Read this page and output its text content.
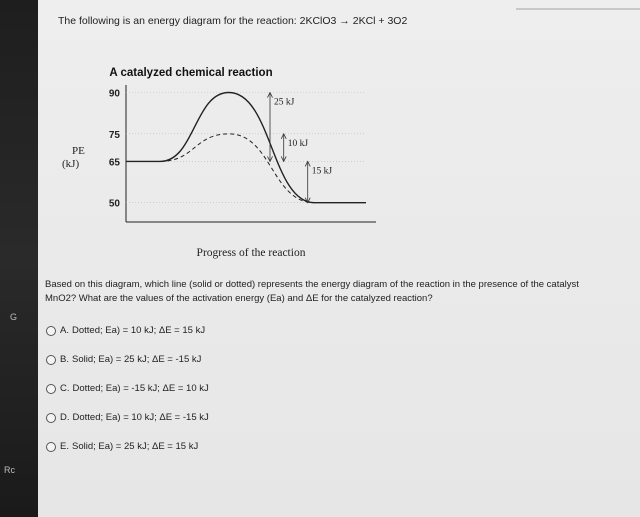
G
Rc
The following is an energy diagram for the reaction: 2KClO3 → 2KCl + 3O2
A catalyzed chemical reaction
PE
(kJ)
Progress of the reaction
90
75
65
50
25 kJ
10 kJ
15 kJ
Based on this diagram, which line (solid or dotted) represents the energy diagram of the reaction in the presence of the catalyst MnO2? What are the values of the activation energy (Ea) and ΔE for the catalyzed reaction?
A. Dotted; Ea) = 10 kJ; ΔE = 15 kJ
B. Solid; Ea) = 25 kJ; ΔE = -15 kJ
C. Dotted; Ea) = -15 kJ; ΔE = 10 kJ
D. Dotted; Ea) = 10 kJ; ΔE = -15 kJ
E. Solid; Ea) = 25 kJ; ΔE = 15 kJ
